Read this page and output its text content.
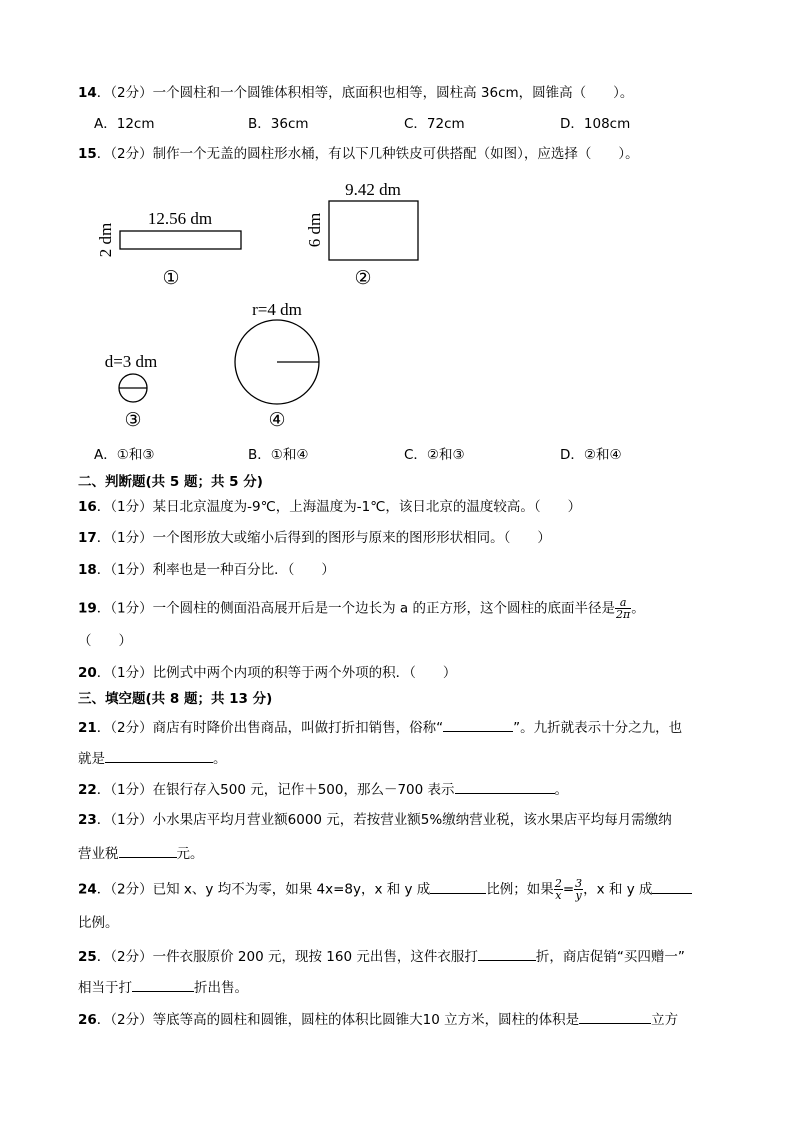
14．（2分）一个圆柱和一个圆锥体积相等，底面积也相等，圆柱高 36cm，圆锥高（　　）。
A．12cm	B．36cm	C．72cm	D．108cm
15．（2分）制作一个无盖的圆柱形水桶，有以下几种铁皮可供搭配（如图），应选择（　　）。
12.56 dm
2 dm
①
9.42 dm
6 dm
②
d=3 dm
③
r=4 dm
④
A．①和③	B．①和④	C．②和③	D．②和④
二、判断题(共 5 题；共 5 分)
16．（1分）某日北京温度为-9℃，上海温度为-1℃，该日北京的温度较高。（　　）
17．（1分）一个图形放大或缩小后得到的图形与原来的图形形状相同。（　　）
18．（1分）利率也是一种百分比．（　　）
19．（1分）一个圆柱的侧面沿高展开后是一个边长为 a 的正方形，这个圆柱的底面半径是 $\frac{a}{2\pi}$ 。
（　　）
20．（1分）比例式中两个内项的积等于两个外项的积．（　　）
三、填空题(共 8 题；共 13 分)
21．（2分）商店有时降价出售商品，叫做打折扣销售，俗称“	”。九折就表示十分之九，也
就是	。
22．（1分）在银行存入500 元，记作＋500，那么－700 表示	。
23．（1分）小水果店平均月营业额6000 元，若按营业额5%缴纳营业税，该水果店平均每月需缴纳
营业税	元。
24．（2分）已知 x、y 均不为零，如果 4x=8y，x 和 y 成	比例；如果 $\frac{2}{x} = \frac{3}{y}$ ，x 和 y 成
比例。
25．（2分）一件衣服原价 200 元，现按 160 元出售，这件衣服打	折，商店促销“买四赠一”
相当于打	折出售。
26．（2分）等底等高的圆柱和圆锥，圆柱的体积比圆锥大10 立方米，圆柱的体积是	立方
